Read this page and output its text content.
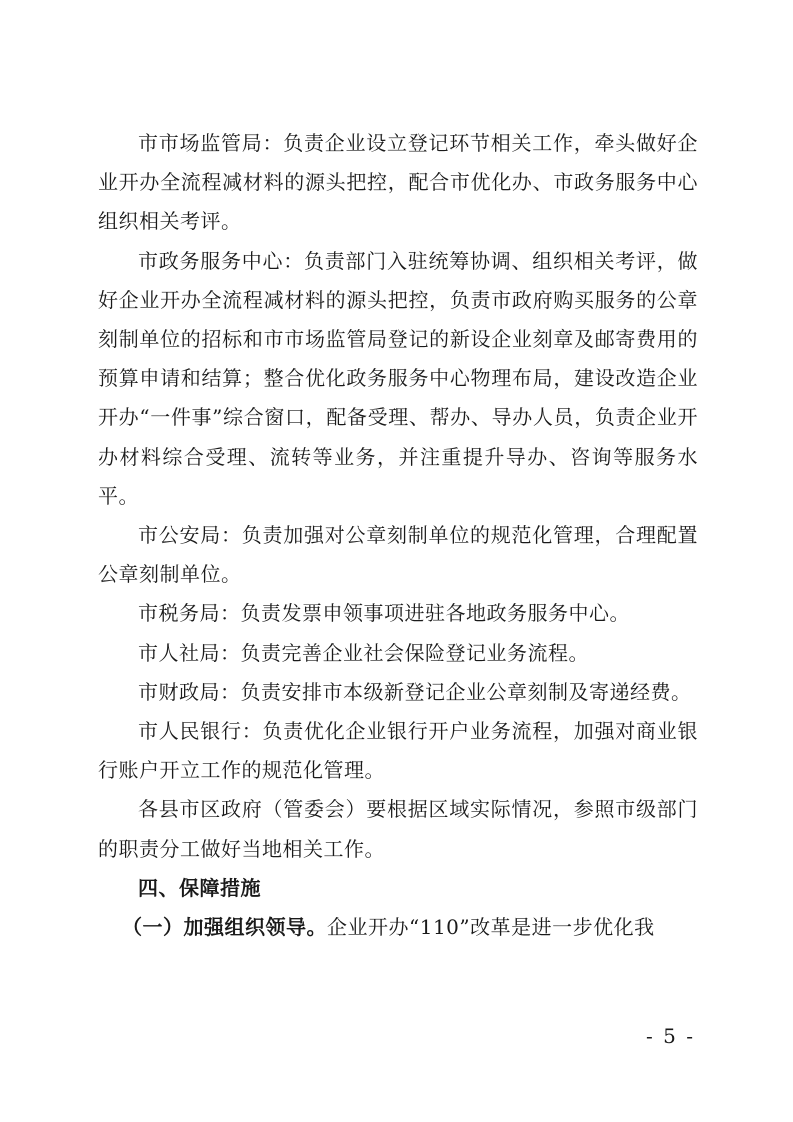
市市场监管局：负责企业设立登记环节相关工作，牵头做好企业开办全流程减材料的源头把控，配合市优化办、市政务服务中心组织相关考评。

市政务服务中心：负责部门入驻统筹协调、组织相关考评，做好企业开办全流程减材料的源头把控，负责市政府购买服务的公章刻制单位的招标和市市场监管局登记的新设企业刻章及邮寄费用的预算申请和结算；整合优化政务服务中心物理布局，建设改造企业开办“一件事”综合窗口，配备受理、帮办、导办人员，负责企业开办材料综合受理、流转等业务，并注重提升导办、咨询等服务水平。

市公安局：负责加强对公章刻制单位的规范化管理，合理配置公章刻制单位。

市税务局：负责发票申领事项进驻各地政务服务中心。

市人社局：负责完善企业社会保险登记业务流程。

市财政局：负责安排市本级新登记企业公章刻制及寄递经费。

市人民银行：负责优化企业银行开户业务流程，加强对商业银行账户开立工作的规范化管理。

各县市区政府（管委会）要根据区域实际情况，参照市级部门的职责分工做好当地相关工作。

四、保障措施

（一）加强组织领导。企业开办“110”改革是进一步优化我

- 5 -
